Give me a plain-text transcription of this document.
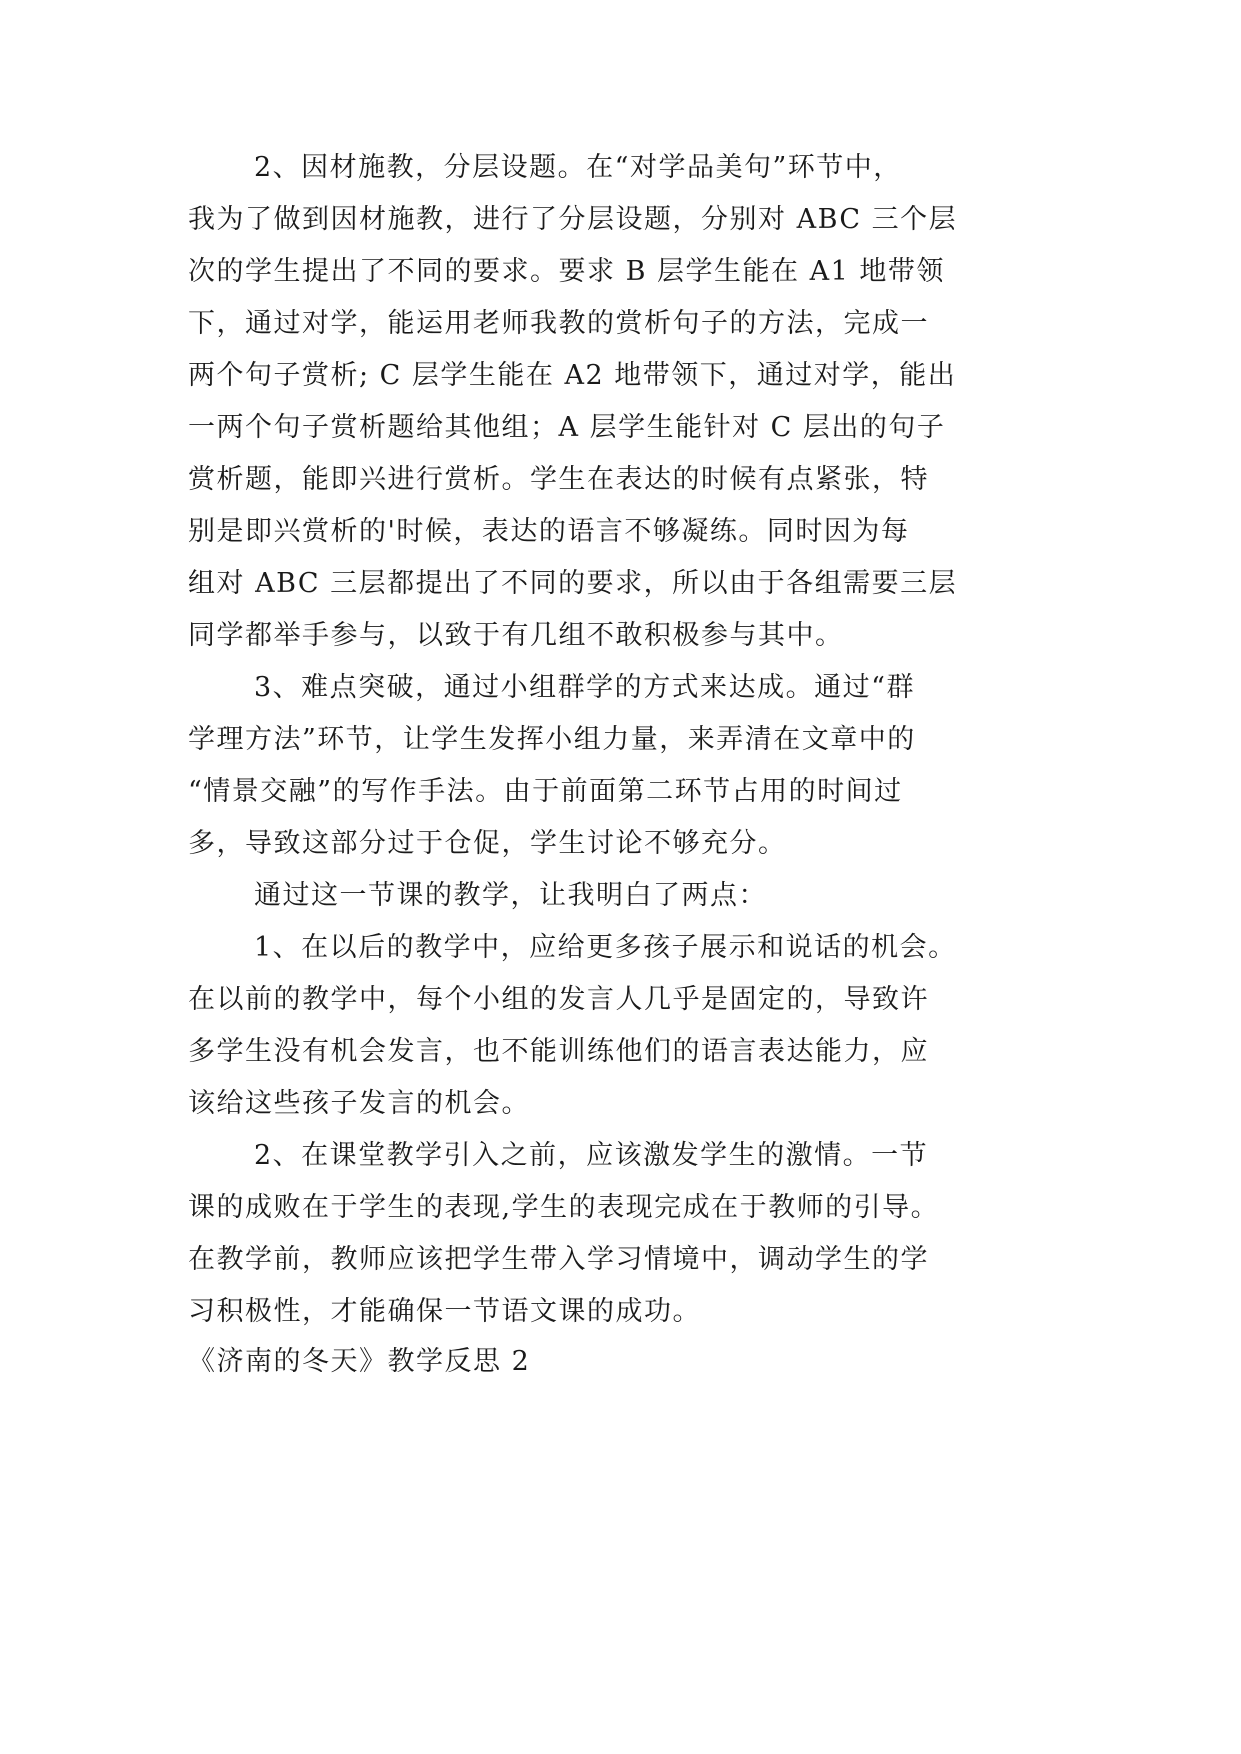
2、因材施教，分层设题。在“对学品美句”环节中，
我为了做到因材施教，进行了分层设题，分别对 ABC 三个层
次的学生提出了不同的要求。要求 B 层学生能在 A1 地带领
下，通过对学，能运用老师我教的赏析句子的方法，完成一
两个句子赏析; C 层学生能在 A2 地带领下，通过对学，能出
一两个句子赏析题给其他组；A 层学生能针对 C 层出的句子
赏析题，能即兴进行赏析。学生在表达的时候有点紧张，特
别是即兴赏析的'时候，表达的语言不够凝练。同时因为每
组对 ABC 三层都提出了不同的要求，所以由于各组需要三层
同学都举手参与，以致于有几组不敢积极参与其中。
3、难点突破，通过小组群学的方式来达成。通过“群
学理方法”环节，让学生发挥小组力量，来弄清在文章中的
“情景交融”的写作手法。由于前面第二环节占用的时间过
多，导致这部分过于仓促，学生讨论不够充分。
通过这一节课的教学，让我明白了两点：
1、在以后的教学中，应给更多孩子展示和说话的机会。
在以前的教学中，每个小组的发言人几乎是固定的，导致许
多学生没有机会发言，也不能训练他们的语言表达能力，应
该给这些孩子发言的机会。
2、在课堂教学引入之前，应该激发学生的激情。一节
课的成败在于学生的表现,学生的表现完成在于教师的引导。
在教学前，教师应该把学生带入学习情境中，调动学生的学
习积极性，才能确保一节语文课的成功。
《济南的冬天》教学反思 2
